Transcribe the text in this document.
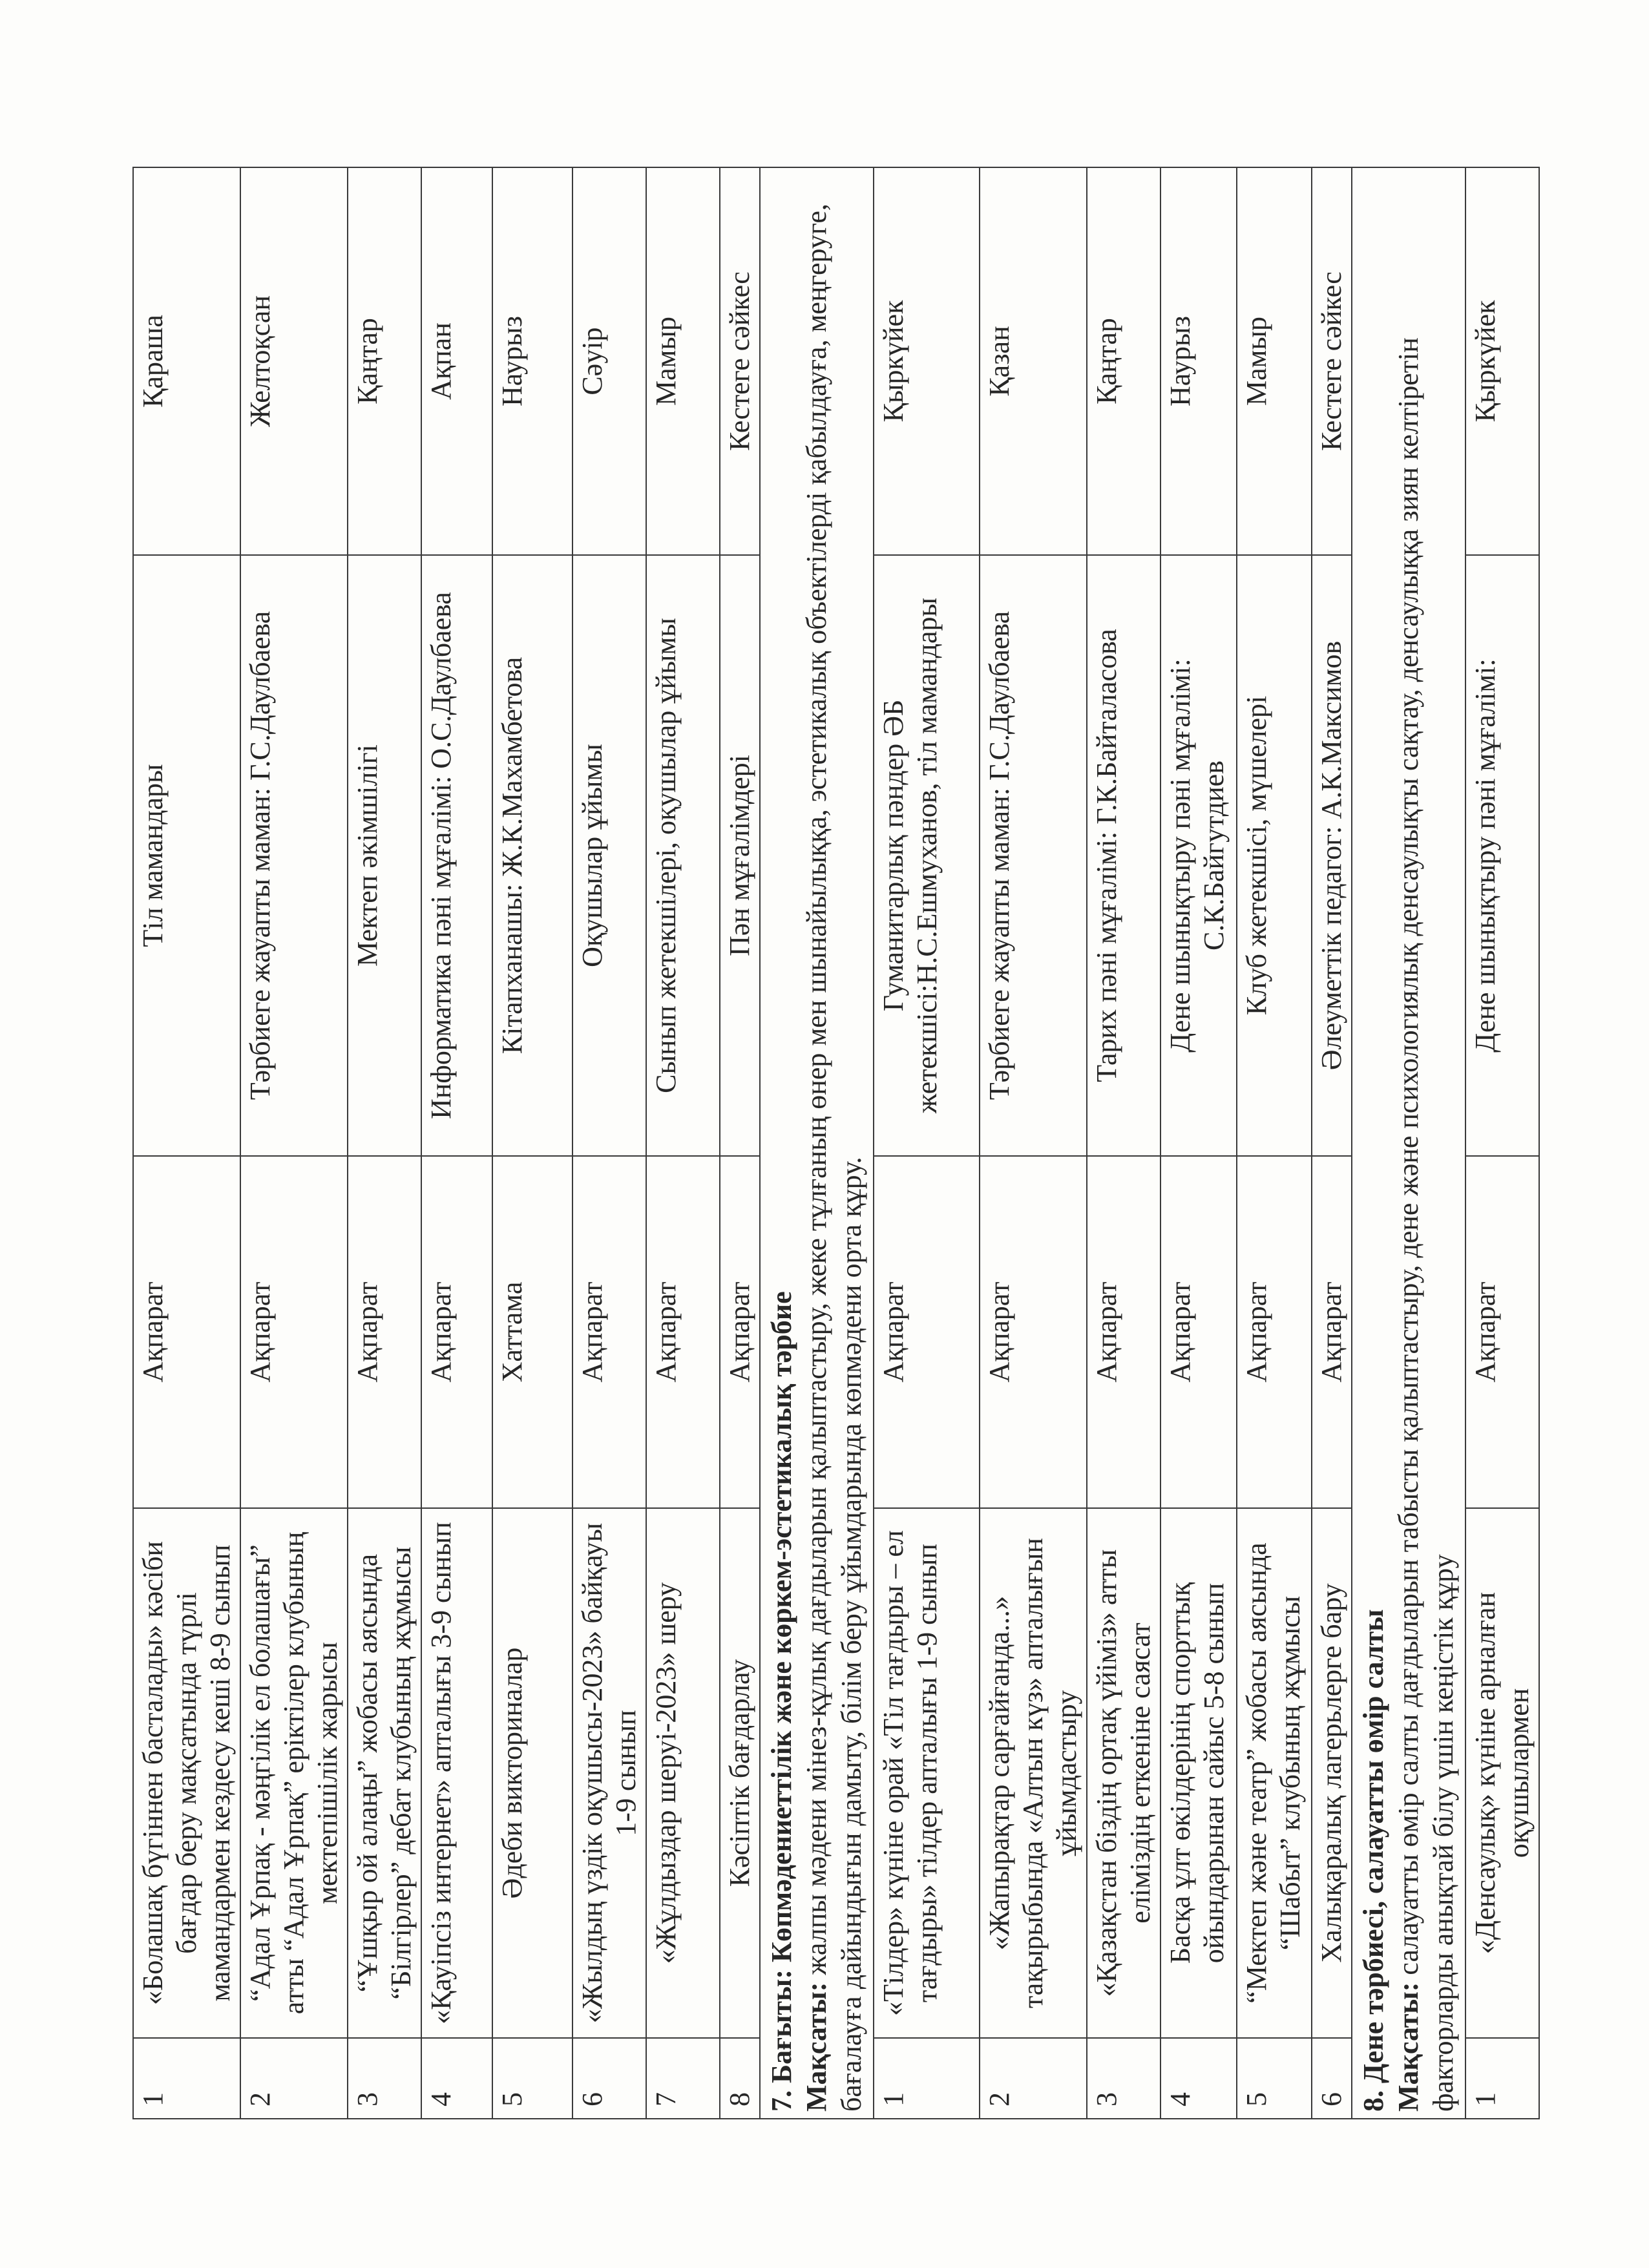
1	«Болашақ бүгіннен басталады» кәсіби бағдар беру мақсатында түрлі мамандармен кездесу кеші 8-9 сынып	Ақпарат	Тіл мамандары	Қараша
2	“Адал Ұрпақ - мәңгілік ел болашағы” атты “Адал Ұрпақ” еріктілер клубының мектепішілік жарысы	Ақпарат	Тәрбиеге жауапты маман: Г.С.Даулбаева	Желтоқсан
3	“Ұшқыр ой алаңы” жобасы аясында “Білгірлер” дебат клубының жұмысы	Ақпарат	Мектеп әкімшілігі	Қаңтар
4	«Қауіпсіз интернет» апталығы 3-9 сынып	Ақпарат	Информатика пәні мұғалімі: О.С.Даулбаева	Ақпан
5	Әдеби викториналар	Хаттама	Кітапханашы: Ж.К.Махамбетова	Наурыз
6	«Жылдың үздік оқушысы-2023» байқауы 1-9 сынып	Ақпарат	Оқушылар ұйымы	Сәуір
7	«Жұлдыздар шеруі-2023» шеру	Ақпарат	Сынып жетекшілері, оқушылар ұйымы	Мамыр
8	Кәсіптік бағдарлау	Ақпарат	Пән мұғалімдері	Кестеге сәйкес

7. Бағыты: Көпмәдениеттілік және көркем-эстетикалық тәрбие Мақсаты: жалпы мәдени мінез-құлық дағдыларын қалыптастыру, жеке тұлғаның өнер мен шынайылыққа, эстетикалық объектілерді қабылдауға, меңгеруге, бағалауға дайындығын дамыту, білім беру ұйымдарында көпмәдени орта құру.				

1	«Тілдер» күніне орай «Тіл тағдыры – ел тағдыры» тілдер апталығы 1-9 сынып	Ақпарат	Гуманитарлық пәндер ӘБ жетекшісі:Н.С.Ешмуханов, тіл мамандары	Қыркүйек
2	«Жапырақтар сарғайғанда...» тақырыбында «Алтын күз» апталығын ұйымдастыру	Ақпарат	Тәрбиеге жауапты маман: Г.С.Даулбаева	Қазан
3	«Қазақстан біздің ортақ үйіміз» атты еліміздің еткеніне саясат	Ақпарат	Тарих пәні мұғалімі: Г.К.Байталасова	Қаңтар
4	Басқа ұлт өкілдерінің спорттық ойындарынан сайыс 5-8 сынып	Ақпарат	Дене шынықтыру пәні мұғалімі: С.К.Байгутдиев	Наурыз
5	“Мектеп және театр” жобасы аясында “Шабыт” клубының жұмысы	Ақпарат	Клуб жетекшісі, мүшелері	Мамыр
6	Халықаралық лагерьлерге бару	Ақпарат	Әлеуметтік педагог: А.К.Максимов	Кестеге сәйкес

8. Дене тәрбиесі, салауатты өмір салты Мақсаты: салауатты өмір салты дағдыларын табысты қалыптастыру, дене және психологиялық денсаулықты сақтау, денсаулыққа зиян келтіретін факторларды анықтай білу үшін кеңістік құру				

1	«Денсаулық» күніне арналған оқушылармен	Ақпарат	Дене шынықтыру пәні мұғалімі:	Қыркүйек
